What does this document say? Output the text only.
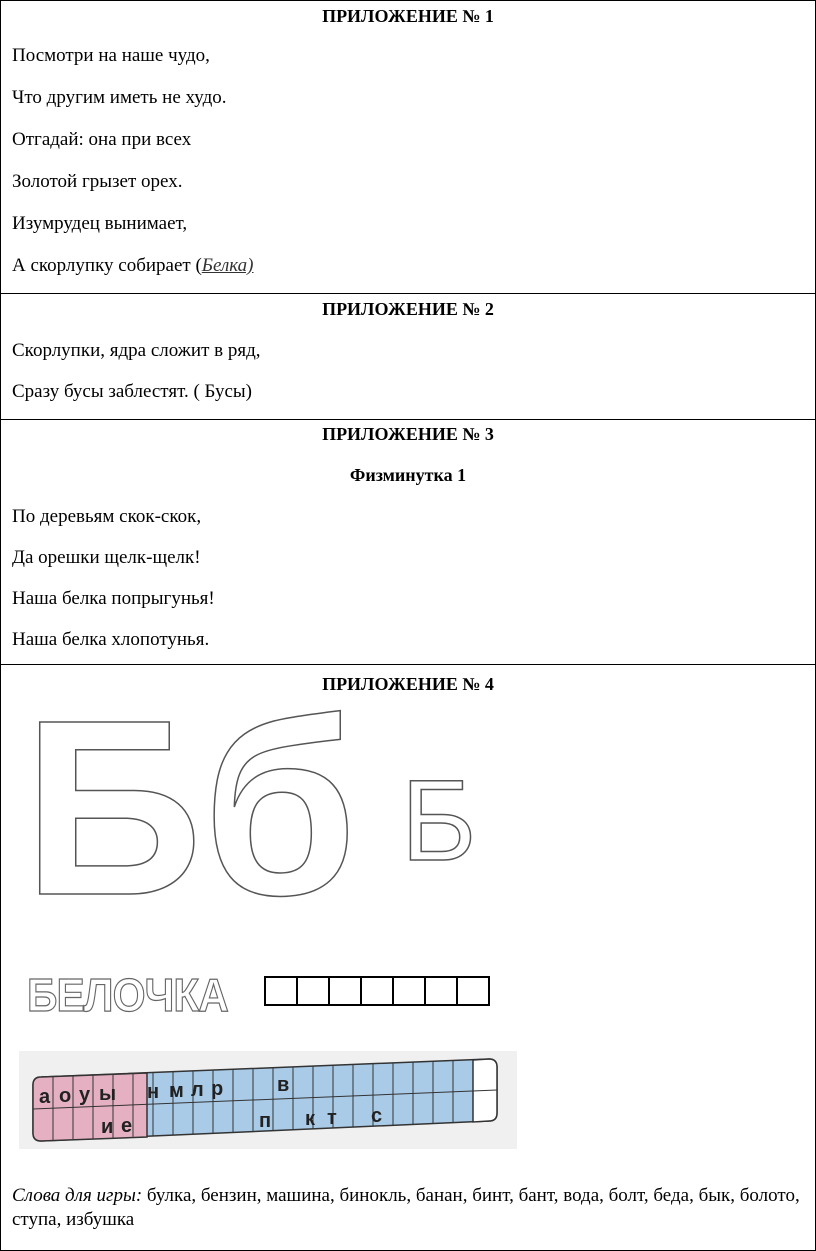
ПРИЛОЖЕНИЕ № 1
Посмотри на наше чудо,
Что другим иметь не худо.
Отгадай: она при всех
Золотой грызет орех.
Изумрудец вынимает,
А скорлупку собирает (Белка)
ПРИЛОЖЕНИЕ № 2
Скорлупки, ядра сложит в ряд,
Сразу бусы заблестят. ( Бусы)
ПРИЛОЖЕНИЕ № 3
Физминутка 1
По деревьям скок-скок,
Да орешки щелк-щелк!
Наша белка попрыгунья!
Наша белка хлопотунья.
ПРИЛОЖЕНИЕ № 4
Бб Б
БЕЛОЧКА
а о у ы н м л р	в
и е	п к т с
Слова для игры: булка, бензин, машина, бинокль, банан, бинт, бант, вода, болт, беда, бык, болото, ступа, избушка
